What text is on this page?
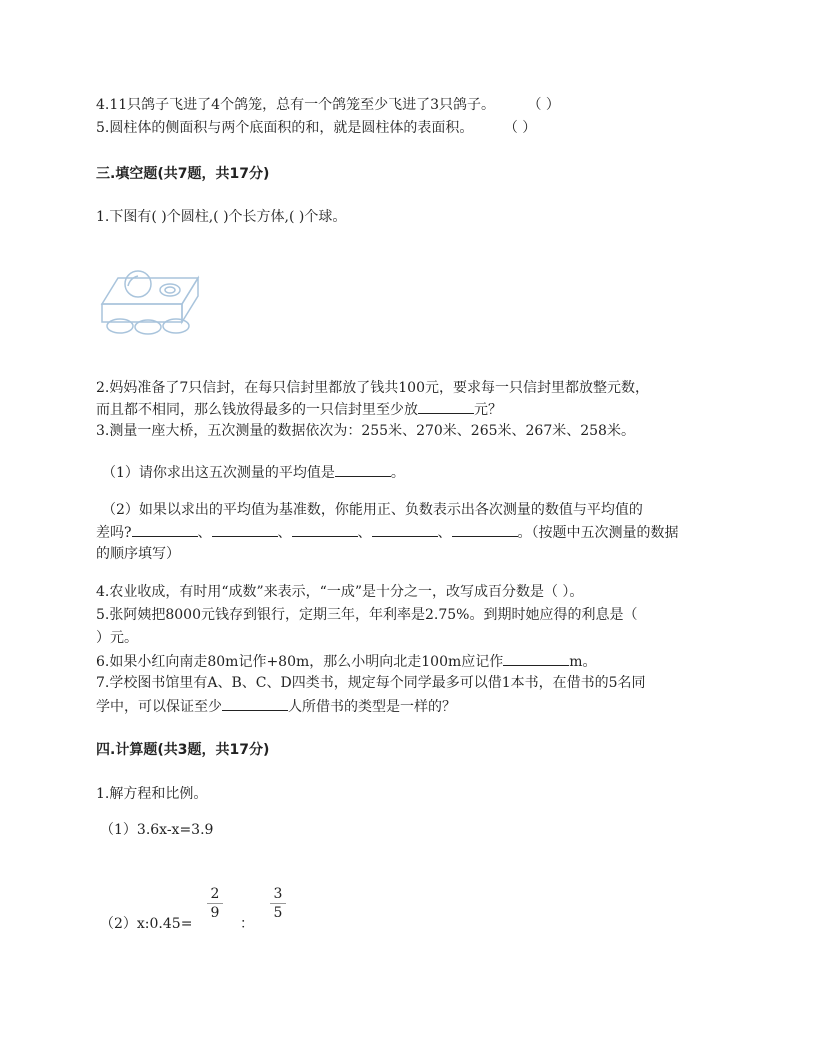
4.11只鸽子飞进了4个鸽笼，总有一个鸽笼至少飞进了3只鸽子。 （ ）
5.圆柱体的侧面积与两个底面积的和，就是圆柱体的表面积。 （ ）
三.填空题(共7题，共17分)
1.下图有( )个圆柱,( )个长方体,( )个球。
2.妈妈准备了7只信封，在每只信封里都放了钱共100元，要求每一只信封里都放整元数，
而且都不相同，那么钱放得最多的一只信封里至少放	元？
3.测量一座大桥，五次测量的数据依次为：255米、270米、265米、267米、258米。
（1）请你求出这五次测量的平均值是	。
（2）如果以求出的平均值为基准数，你能用正、负数表示出各次测量的数值与平均值的
差吗?	、	、	、	、	。（按题中五次测量的数据
的顺序填写）
4.农业收成，有时用“成数”来表示，“一成”是十分之一，改写成百分数是（ ）。
5.张阿姨把8000元钱存到银行，定期三年，年利率是2.75%。到期时她应得的利息是（
）元。
6.如果小红向南走80m记作+80m，那么小明向北走100m应记作	m。
7.学校图书馆里有A、B、C、D四类书，规定每个同学最多可以借1本书，在借书的5名同
学中，可以保证至少	人所借书的类型是一样的？
四.计算题(共3题，共17分)
1.解方程和比例。
（1）3.6x-x=3.9
（2）x:0.45=
2
9
：
3
5
